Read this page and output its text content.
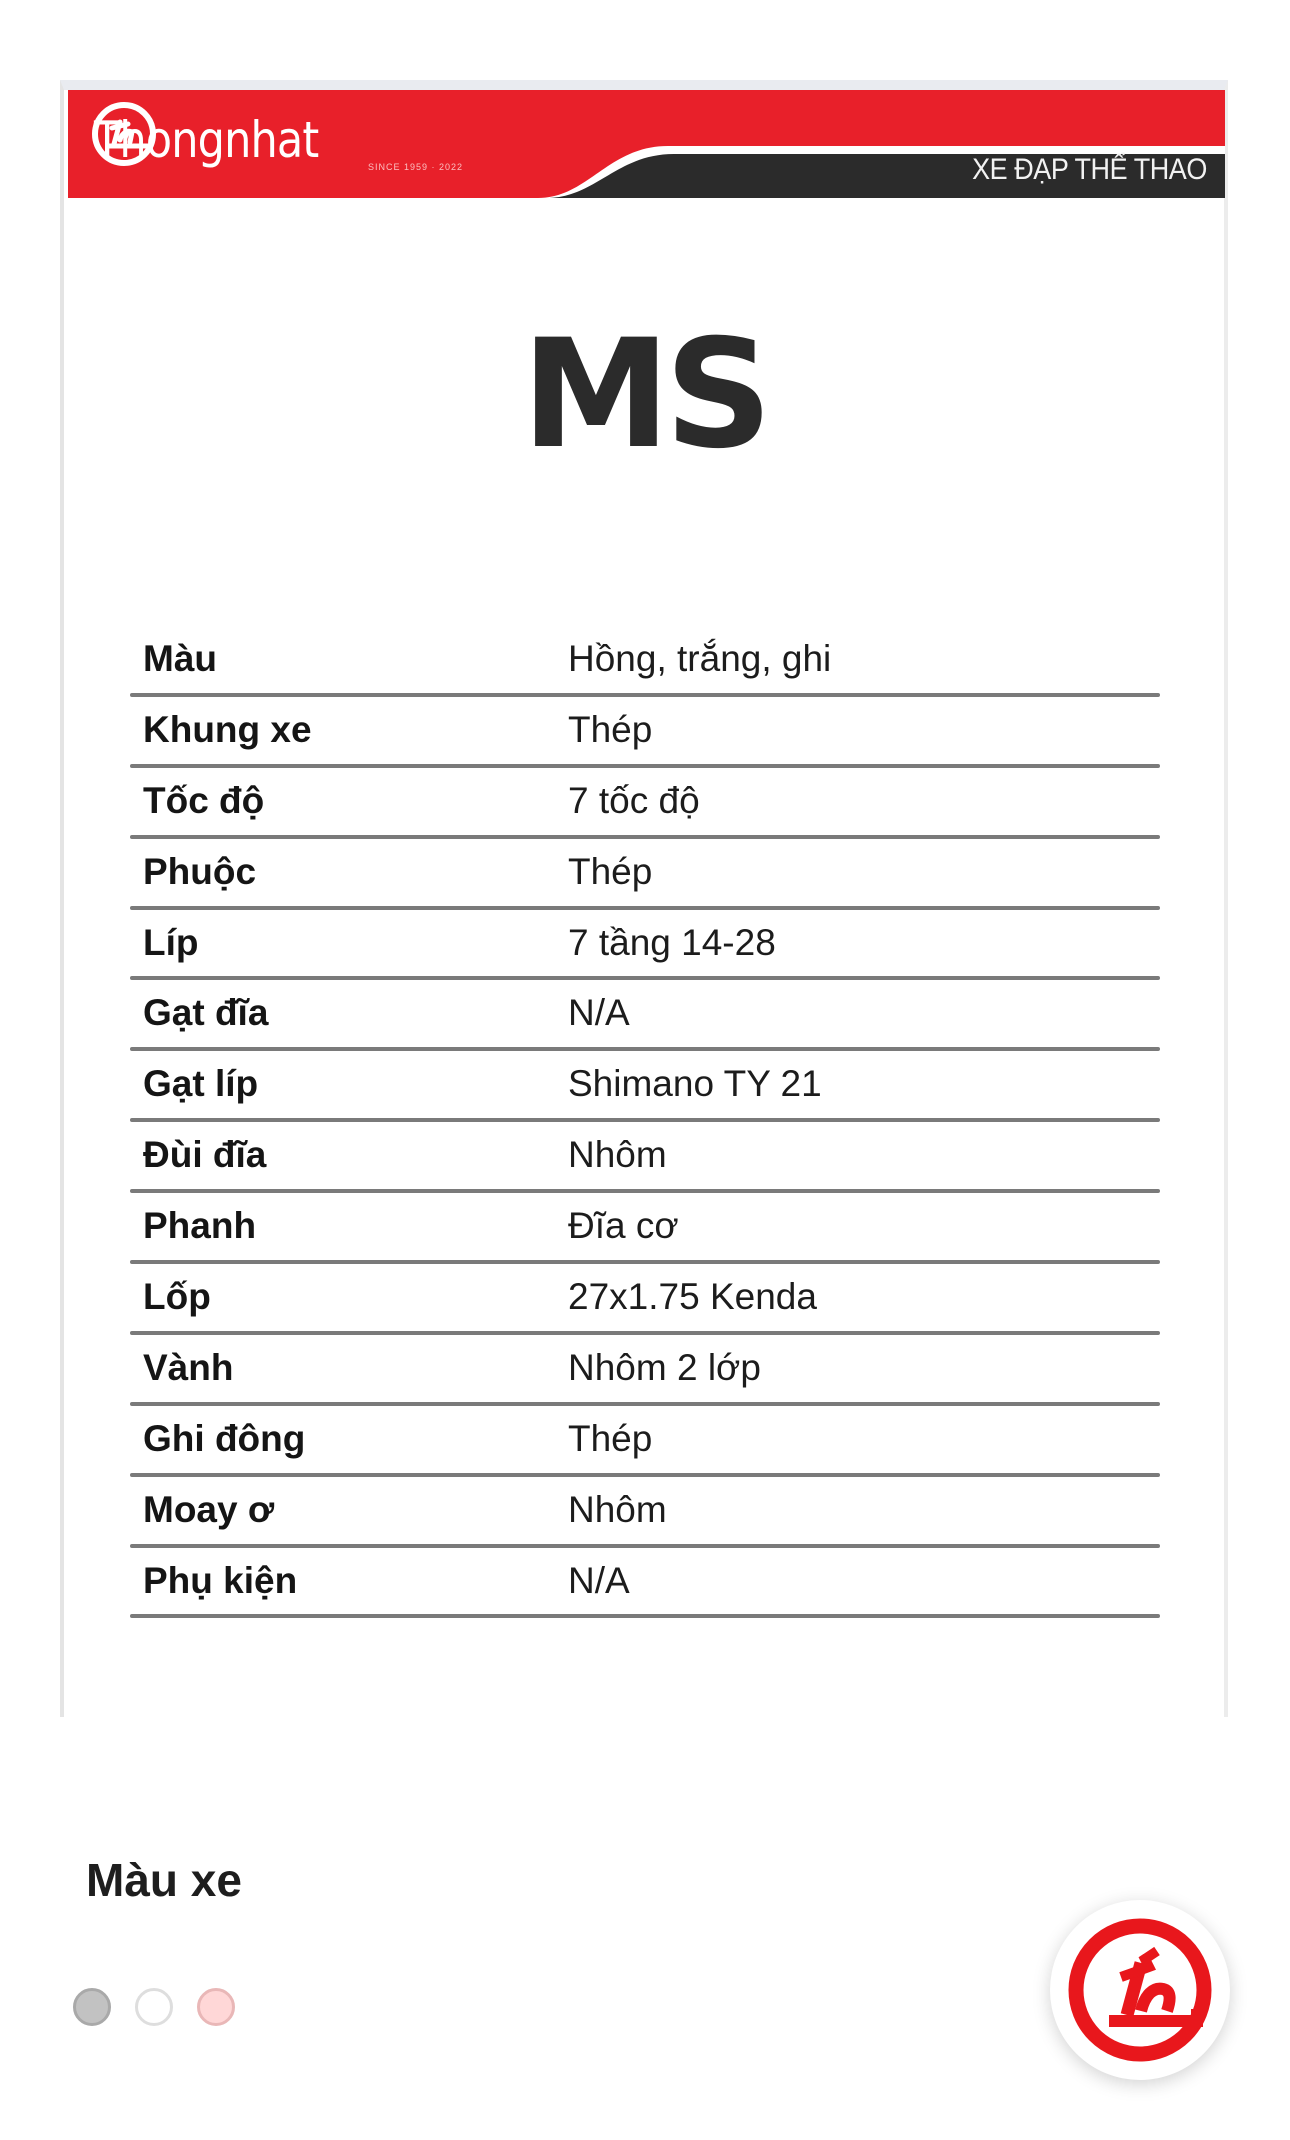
Thongnhat	SINCE 1959 · 2022	XE ĐẠP THỂ THAO
MS
Màu	Hồng, trắng, ghi
Khung xe	Thép
Tốc độ	7 tốc độ
Phuộc	Thép
Líp	7 tầng 14-28
Gạt đĩa	N/A
Gạt líp	Shimano TY 21
Đùi đĩa	Nhôm
Phanh	Đĩa cơ
Lốp	27x1.75 Kenda
Vành	Nhôm 2 lớp
Ghi đông	Thép
Moay ơ	Nhôm
Phụ kiện	N/A
Màu xe
